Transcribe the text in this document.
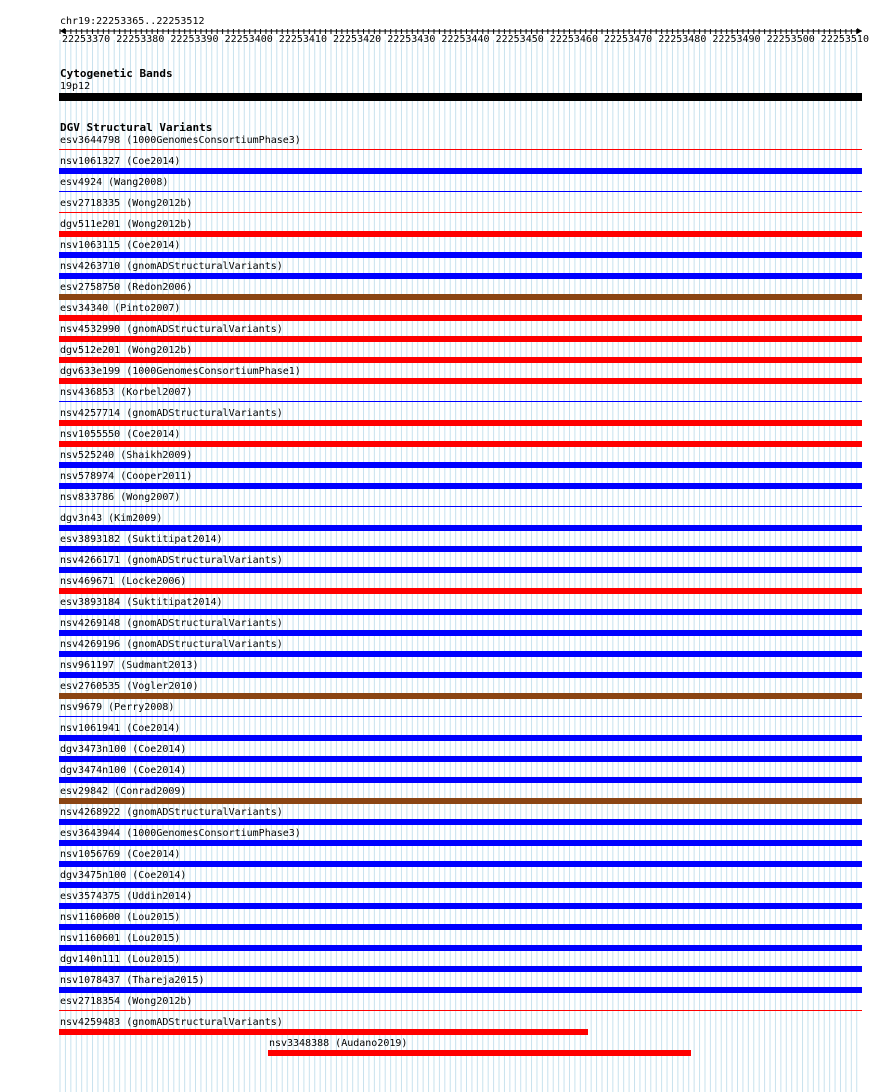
chr19:22253365..22253512
22253370 22253380 22253390 22253400 22253410 22253420 22253430 22253440 22253450 22253460 22253470 22253480 22253490 22253500 22253510
Cytogenetic Bands
19p12
DGV Structural Variants
esv3644798 (1000GenomesConsortiumPhase3)
nsv1061327 (Coe2014)
esv4924 (Wang2008)
esv2718335 (Wong2012b)
dgv511e201 (Wong2012b)
nsv1063115 (Coe2014)
nsv4263710 (gnomADStructuralVariants)
esv2758750 (Redon2006)
esv34340 (Pinto2007)
nsv4532990 (gnomADStructuralVariants)
dgv512e201 (Wong2012b)
dgv633e199 (1000GenomesConsortiumPhase1)
nsv436853 (Korbel2007)
nsv4257714 (gnomADStructuralVariants)
nsv1055550 (Coe2014)
nsv525240 (Shaikh2009)
nsv578974 (Cooper2011)
nsv833786 (Wong2007)
dgv3n43 (Kim2009)
esv3893182 (Suktitipat2014)
nsv4266171 (gnomADStructuralVariants)
nsv469671 (Locke2006)
esv3893184 (Suktitipat2014)
nsv4269148 (gnomADStructuralVariants)
nsv4269196 (gnomADStructuralVariants)
nsv961197 (Sudmant2013)
esv2760535 (Vogler2010)
nsv9679 (Perry2008)
nsv1061941 (Coe2014)
dgv3473n100 (Coe2014)
dgv3474n100 (Coe2014)
esv29842 (Conrad2009)
nsv4268922 (gnomADStructuralVariants)
esv3643944 (1000GenomesConsortiumPhase3)
nsv1056769 (Coe2014)
dgv3475n100 (Coe2014)
esv3574375 (Uddin2014)
nsv1160600 (Lou2015)
nsv1160601 (Lou2015)
dgv140n111 (Lou2015)
nsv1078437 (Thareja2015)
esv2718354 (Wong2012b)
nsv4259483 (gnomADStructuralVariants)
nsv3348388 (Audano2019)
